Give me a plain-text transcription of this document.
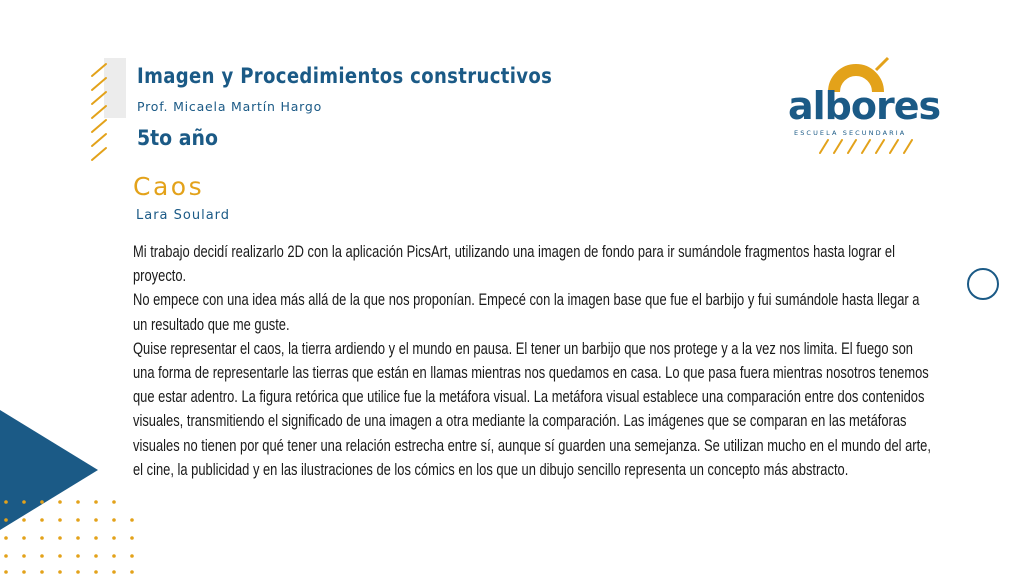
Imagen y Procedimientos constructivos
Prof. Micaela Martín Hargo
5to año
Caos
Lara Soulard

Mi trabajo decidí realizarlo 2D con la aplicación PicsArt, utilizando una imagen de fondo para ir sumándole fragmentos hasta lograr el proyecto.

No empece con una idea más allá de la que nos proponían. Empecé con la imagen base que fue el barbijo y fui sumándole hasta llegar a un resultado que me guste.

Quise representar el caos, la tierra ardiendo y el mundo en pausa. El tener un barbijo que nos protege y a la vez nos limita. El fuego son una forma de representarle las tierras que están en llamas mientras nos quedamos en casa. Lo que pasa fuera mientras nosotros tenemos que estar adentro. La figura retórica que utilice fue la metáfora visual. La metáfora visual establece una comparación entre dos contenidos visuales, transmitiendo el significado de una imagen a otra mediante la comparación. Las imágenes que se comparan en las metáforas visuales no tienen por qué tener una relación estrecha entre sí, aunque sí guarden una semejanza. Se utilizan mucho en el mundo del arte, el cine, la publicidad y en las ilustraciones de los cómics en los que un dibujo sencillo representa un concepto más abstracto.

albores
ESCUELA SECUNDARIA
